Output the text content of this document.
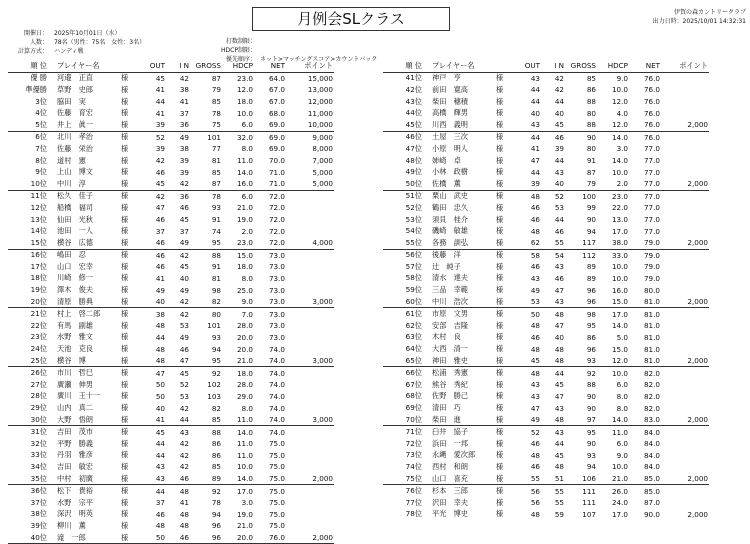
月例会SLクラス	伊賀の森カントリークラブ
出力日時：2025/10/01 14:32:31
開催日：	2025年10月01日（水）
人数：	78名（男性：75名　女性：3名）
計算方式：	ハンディ戦
打数制限：
HDCP制限：
優先順序： ネット>マッチングスコア>カウントバック
順 位	プレイヤー名		OUT	I N	GROSS	HDCP	NET	ポイント
優 勝	河邉　正直	様	45	42	87	23.0	64.0	15,000
準優勝	草野　史郎	様	41	38	79	12.0	67.0	13,000
3位	脇田　実	様	44	41	85	18.0	67.0	12,000
4位	佐藤　育宏	様	41	37	78	10.0	68.0	11,000
5位	井上　眞一	様	39	36	75	6.0	69.0	10,000
6位	北川　孝治	様	52	49	101	32.0	69.0	9,000
7位	佐藤　栄治	様	39	38	77	8.0	69.0	8,000
8位	道村　憲	様	42	39	81	11.0	70.0	7,000
9位	上山　博文	様	46	39	85	14.0	71.0	5,000
10位	中川　淳	様	45	42	87	16.0	71.0	5,000
11位	松久　佳子	様	42	36	78	6.0	72.0	
12位	船橋　福司	様	47	46	93	21.0	72.0	
13位	仙田　光秋	様	46	45	91	19.0	72.0	
14位	池田　一人	様	37	37	74	2.0	72.0	
15位	横谷　広德	様	46	49	95	23.0	72.0	4,000
16位	嶋田　忍	様	46	42	88	15.0	73.0	
17位	山口　宏幸	様	46	45	91	18.0	73.0	
18位	川崎　修一	様	41	40	81	8.0	73.0	
19位	澤木　俊夫	様	49	49	98	25.0	73.0	
20位	清原　勝典	様	40	42	82	9.0	73.0	3,000
21位	村上　啓二郎	様	38	42	80	7.0	73.0	
22位	有馬　副雄	様	48	53	101	28.0	73.0	
23位	水野　雅文	様	44	49	93	20.0	73.0	
24位	天池　克良	様	48	46	94	20.0	74.0	
25位	横谷　博	様	48	47	95	21.0	74.0	3,000
26位	市川　哲巳	様	47	45	92	18.0	74.0	
27位	廣瀬　伸男	様	50	52	102	28.0	74.0	
28位	廣川　王十一	様	50	53	103	29.0	74.0	
29位	山内　真二	様	40	42	82	8.0	74.0	
30位	大野　悟朗	様	41	44	85	11.0	74.0	3,000
31位	吉田　茂市	様	45	43	88	14.0	74.0	
32位	平野　勝義	様	44	42	86	11.0	75.0	
33位	丹羽　雅彦	様	44	42	86	11.0	75.0	
34位	吉田　敏宏	様	43	42	85	10.0	75.0	
35位	中村　初廣	様	43	46	89	14.0	75.0	2,000
36位	松下　貴裕	様	44	48	92	17.0	75.0	
37位	水野　宗平	様	37	41	78	3.0	75.0	
38位	深沢　明英	様	46	48	94	19.0	75.0	
39位	柳川　薫	様	48	48	96	21.0	75.0	
40位	滝　一郎	様	50	46	96	20.0	76.0	2,000
順 位	プレイヤー名		OUT	I N	GROSS	HDCP	NET	ポイント
41位	神戸　亨	様	43	42	85	9.0	76.0	
42位	前田　寛高	様	44	42	86	10.0	76.0	
43位	柴田　穗積	様	44	44	88	12.0	76.0	
44位	高橋　輝男	様	40	40	80	4.0	76.0	
45位	川西　義明	様	43	45	88	12.0	76.0	2,000
46位	土屋　三次	様	44	46	90	14.0	76.0	
47位	小原　明人	様	41	39	80	3.0	77.0	
48位	姉崎　卓	様	47	44	91	14.0	77.0	
49位	小林　政樹	様	44	43	87	10.0	77.0	
50位	佐橋　薫	様	39	40	79	2.0	77.0	2,000
51位	栗山　武史	様	48	52	100	23.0	77.0	
52位	鶴田　忠久	様	46	53	99	22.0	77.0	
53位	須貝　桂介	様	46	44	90	13.0	77.0	
54位	磯崎　敏雄	様	48	46	94	17.0	77.0	
55位	各務　訓弘	様	62	55	117	38.0	79.0	2,000
56位	後藤　洋	様	58	54	112	33.0	79.0	
57位	辻　純子	様	46	43	89	10.0	79.0	
58位	清水　達夫	様	43	46	89	10.0	79.0	
59位	三品　幸範	様	49	47	96	16.0	80.0	
60位	中川　浩次	様	53	43	96	15.0	81.0	2,000
61位	市原　文男	様	50	48	98	17.0	81.0	
62位	安部　吉隆	様	48	47	95	14.0	81.0	
63位	木村　良	様	46	40	86	5.0	81.0	
64位	大西　清一	様	48	48	96	15.0	81.0	
65位	神田　雅史	様	45	48	93	12.0	81.0	2,000
66位	松浦　秀憲	様	48	44	92	10.0	82.0	
67位	熊谷　秀紀	様	43	45	88	6.0	82.0	
68位	佐野　勝己	様	43	47	90	8.0	82.0	
69位	清田　巧	様	47	43	90	8.0	82.0	
70位	柴田　進	様	49	48	97	14.0	83.0	2,000
71位	臼井　協子	様	52	43	95	11.0	84.0	
72位	浜田　一邦	様	46	44	90	6.0	84.0	
73位	永縄　愛次郎	様	48	45	93	9.0	84.0	
74位	西村　和朗	様	46	48	94	10.0	84.0	
75位	山口　喜充	様	55	51	106	21.0	85.0	2,000
76位	杉本　三郎	様	56	55	111	26.0	85.0	
77位	沢田　幸夫	様	56	55	111	24.0	87.0	
78位	平光　博史	様	48	59	107	17.0	90.0	2,000
